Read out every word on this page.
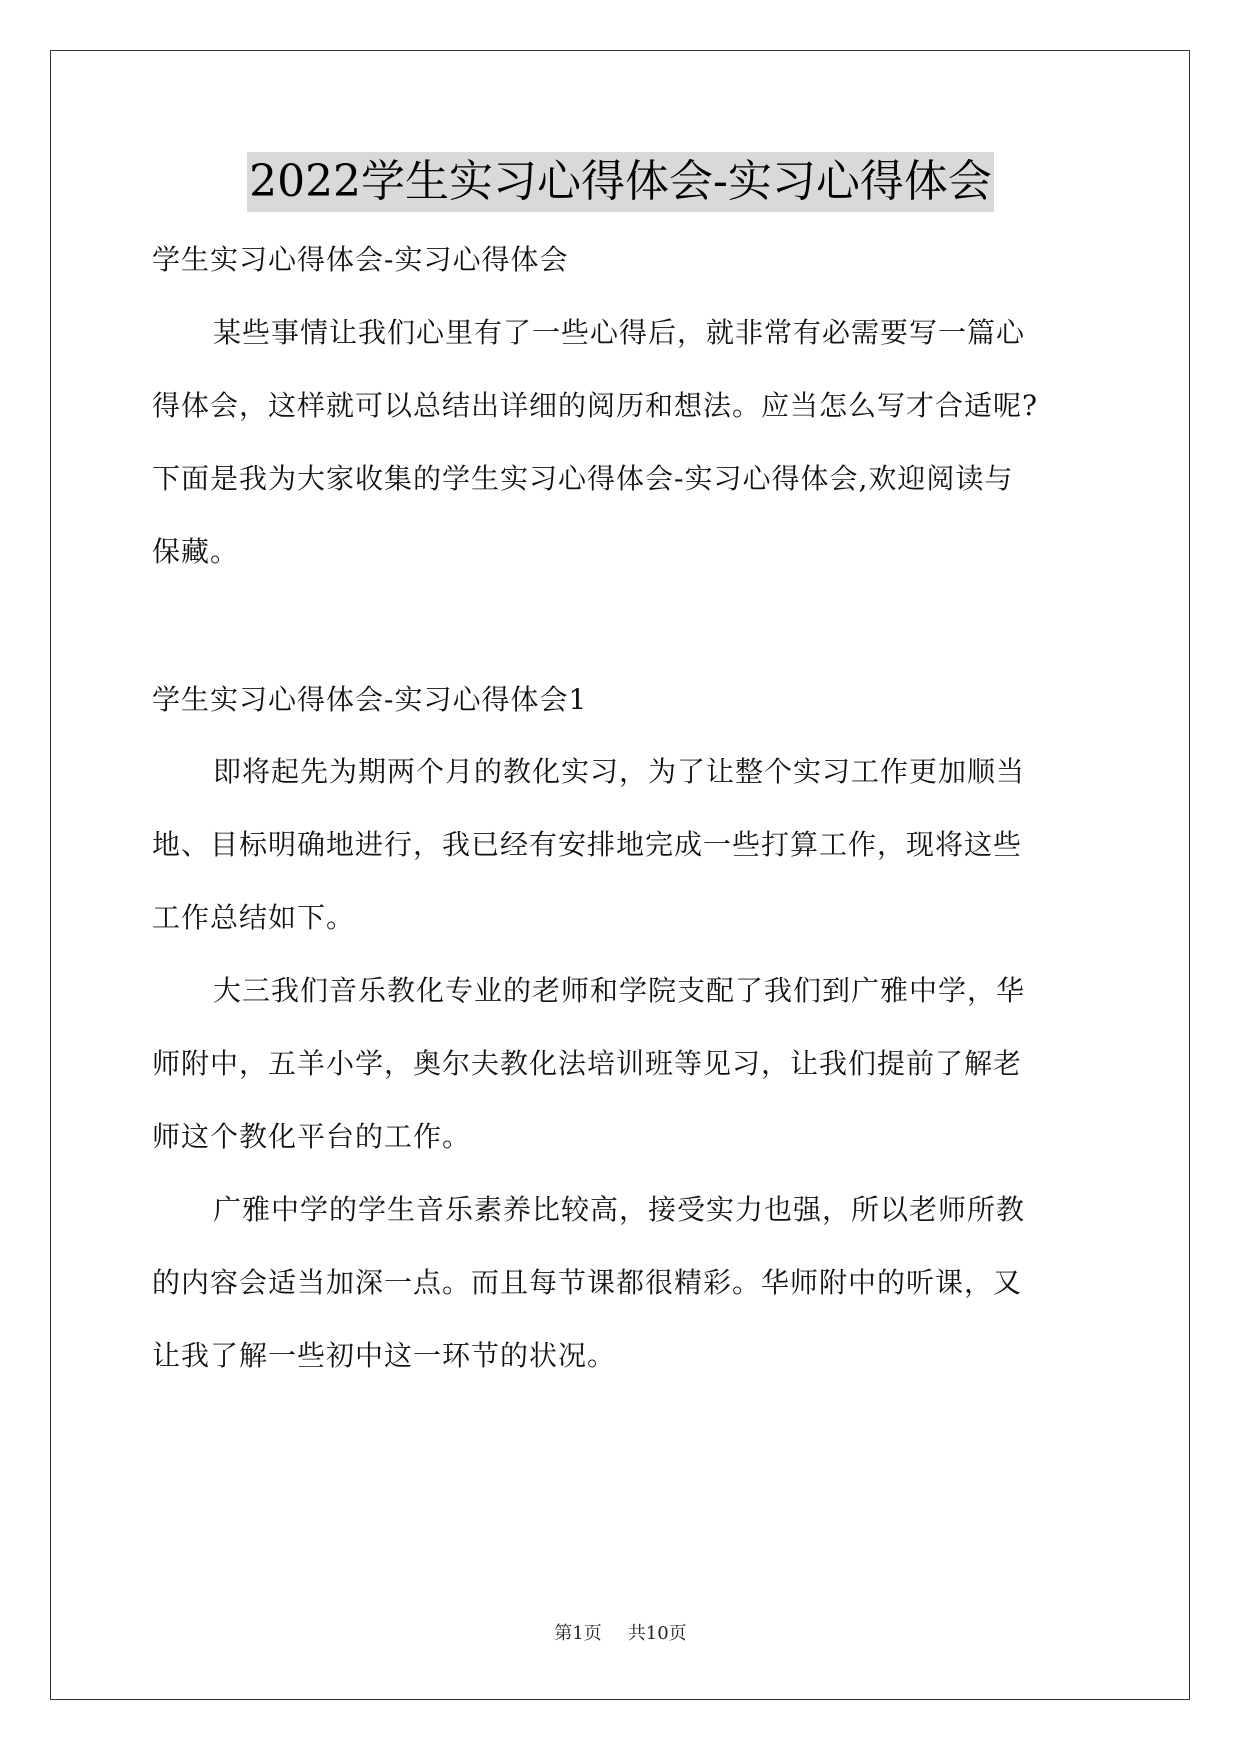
2022学生实习心得体会-实习心得体会
学生实习心得体会-实习心得体会
某些事情让我们心里有了一些心得后，就非常有必需要写一篇心
得体会，这样就可以总结出详细的阅历和想法。应当怎么写才合适呢?
下面是我为大家收集的学生实习心得体会-实习心得体会,欢迎阅读与
保藏。
学生实习心得体会-实习心得体会1
即将起先为期两个月的教化实习，为了让整个实习工作更加顺当
地、目标明确地进行，我已经有安排地完成一些打算工作，现将这些
工作总结如下。
大三我们音乐教化专业的老师和学院支配了我们到广雅中学，华
师附中，五羊小学，奥尔夫教化法培训班等见习，让我们提前了解老
师这个教化平台的工作。
广雅中学的学生音乐素养比较高，接受实力也强，所以老师所教
的内容会适当加深一点。而且每节课都很精彩。华师附中的听课，又
让我了解一些初中这一环节的状况。
第1页 共10页
